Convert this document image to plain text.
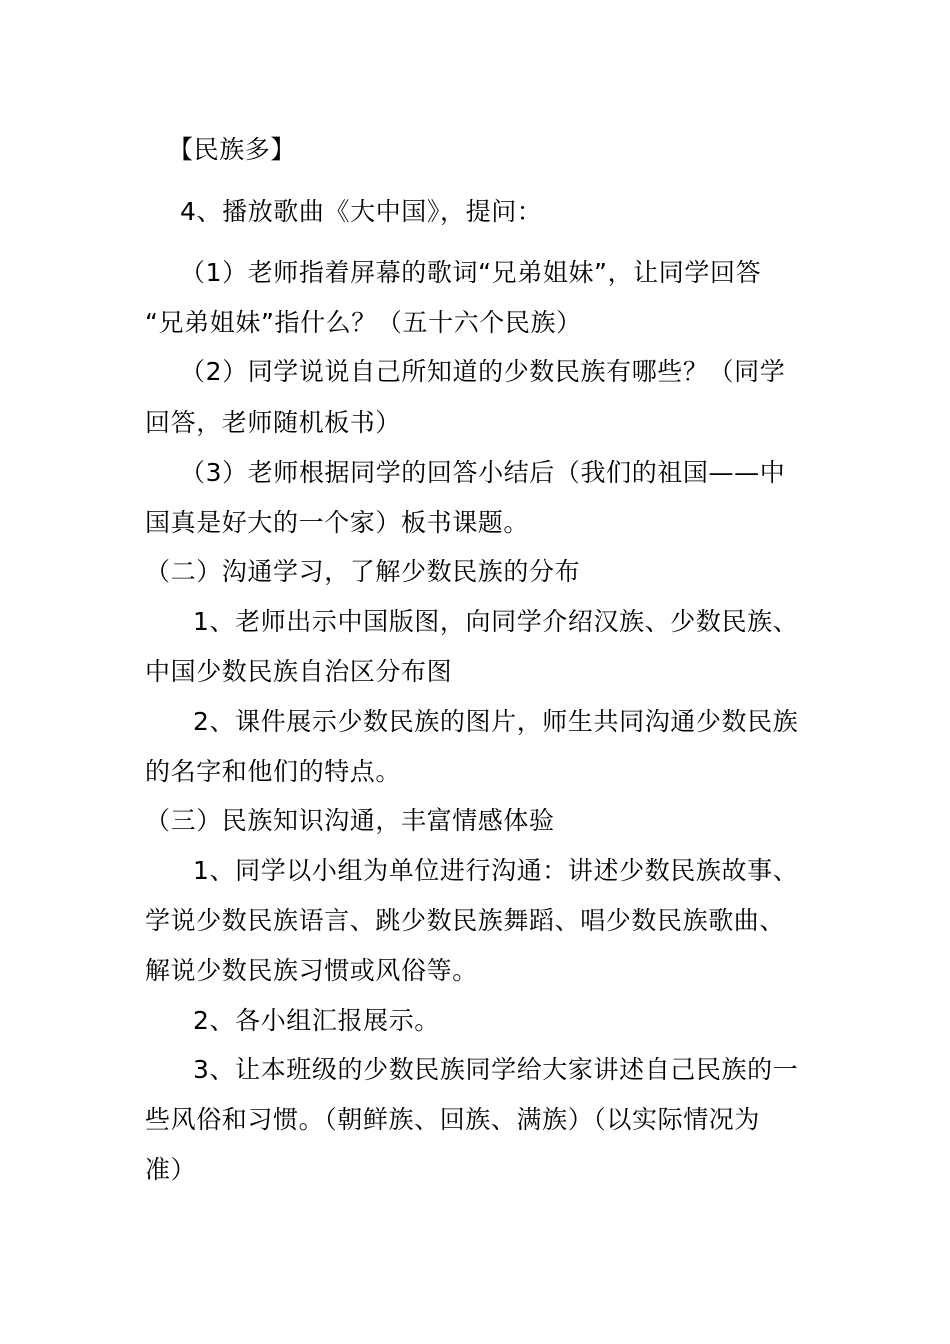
【民族多】
4、播放歌曲《大中国》，提问：
（1）老师指着屏幕的歌词“兄弟姐妹”，让同学回答
“兄弟姐妹”指什么？（五十六个民族）
（2）同学说说自己所知道的少数民族有哪些？（同学
回答，老师随机板书）
（3）老师根据同学的回答小结后（我们的祖国——中
国真是好大的一个家）板书课题。
（二）沟通学习，了解少数民族的分布
1、老师出示中国版图，向同学介绍汉族、少数民族、
中国少数民族自治区分布图
2、课件展示少数民族的图片，师生共同沟通少数民族
的名字和他们的特点。
（三）民族知识沟通，丰富情感体验
1、同学以小组为单位进行沟通：讲述少数民族故事、
学说少数民族语言、跳少数民族舞蹈、唱少数民族歌曲、
解说少数民族习惯或风俗等。
2、各小组汇报展示。
3、让本班级的少数民族同学给大家讲述自己民族的一
些风俗和习惯。（朝鲜族、回族、满族）（以实际情况为
准）
